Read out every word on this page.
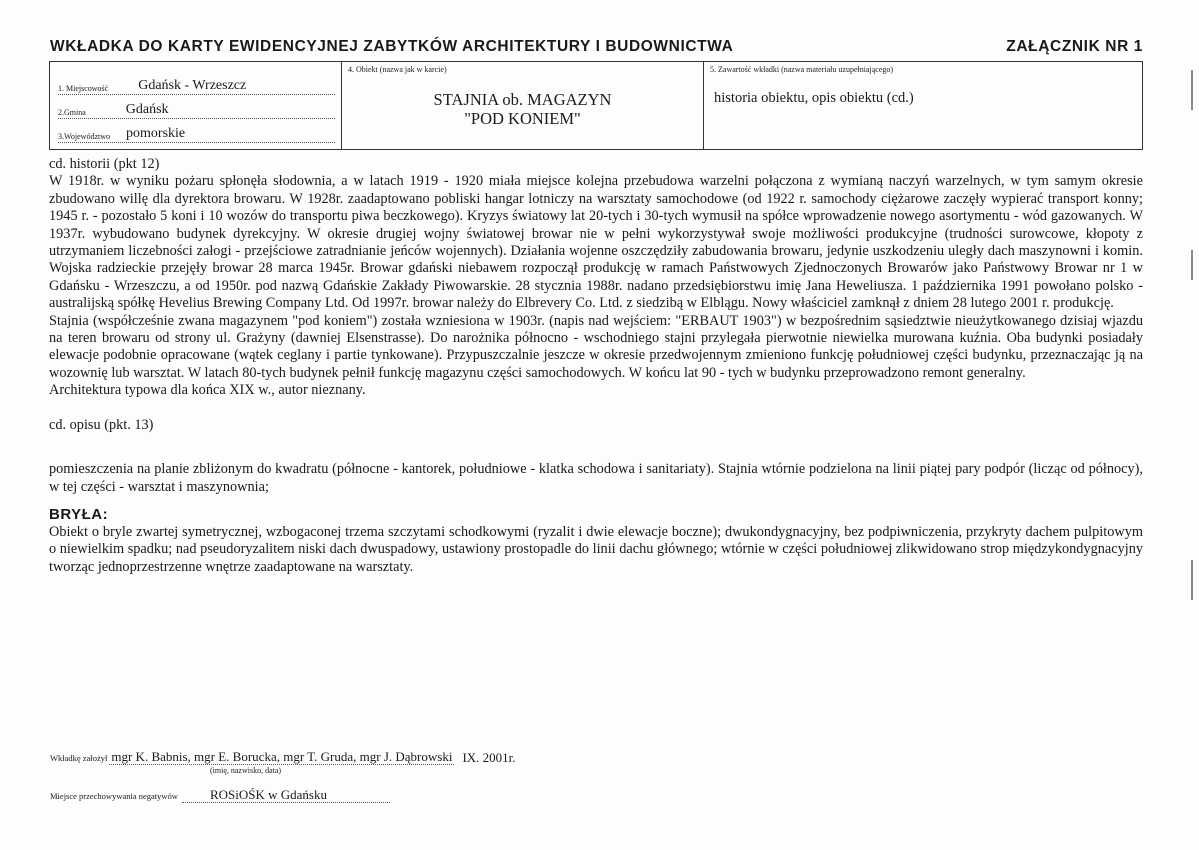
WKŁADKA DO KARTY EWIDENCYJNEJ ZABYTKÓW ARCHITEKTURY I BUDOWNICTWA	ZAŁĄCZNIK NR 1
1. Miejscowość Gdańsk - Wrzeszcz
2.Gmina	Gdańsk
3.Województwo pomorskie
4. Obiekt (nazwa jak w karcie)
STAJNIA ob. MAGAZYN
"POD KONIEM"
5. Zawartość wkładki (nazwa materiału uzupełniającego)
historia obiektu, opis obiektu (cd.)

cd. historii (pkt 12)

W 1918r. w wyniku pożaru spłonęła słodownia, a w latach 1919 - 1920 miała miejsce kolejna przebudowa warzelni połączona z wymianą naczyń warzelnych, w tym samym okresie zbudowano willę dla dyrektora browaru. W 1928r. zaadaptowano pobliski hangar lotniczy na warsztaty samochodowe (od 1922 r. samochody ciężarowe zaczęły wypierać transport konny; 1945 r. - pozostało 5 koni i 10 wozów do transportu piwa beczkowego). Kryzys światowy lat 20-tych i 30-tych wymusił na spółce wprowadzenie nowego asortymentu - wód gazowanych. W 1937r. wybudowano budynek dyrekcyjny. W okresie drugiej wojny światowej browar nie w pełni wykorzystywał swoje możliwości produkcyjne (trudności surowcowe, kłopoty z utrzymaniem liczebności załogi - przejściowe zatradnianie jeńców wojennych). Działania wojenne oszczędziły zabudowania browaru, jedynie uszkodzeniu uległy dach maszynowni i komin. Wojska radzieckie przejęły browar 28 marca 1945r. Browar gdański niebawem rozpoczął produkcję w ramach Państwowych Zjednoczonych Browarów jako Państwowy Browar nr 1 w Gdańsku - Wrzeszczu, a od 1950r. pod nazwą Gdańskie Zakłady Piwowarskie. 28 stycznia 1988r. nadano przedsiębiorstwu imię Jana Heweliusza. 1 października 1991 powołano polsko - australijską spółkę Hevelius Brewing Company Ltd. Od 1997r. browar należy do Elbrevery Co. Ltd. z siedzibą w Elblągu. Nowy właściciel zamknął z dniem 28 lutego 2001 r. produkcję.

Stajnia (współcześnie zwana magazynem "pod koniem") została wzniesiona w 1903r. (napis nad wejściem: "ERBAUT 1903") w bezpośrednim sąsiedztwie nieużytkowanego dzisiaj wjazdu na teren browaru od strony ul. Grażyny (dawniej Elsenstrasse). Do narożnika północno - wschodniego stajni przylegała pierwotnie niewielka murowana kuźnia. Oba budynki posiadały elewacje podobnie opracowane (wątek ceglany i partie tynkowane). Przypuszczalnie jeszcze w okresie przedwojennym zmieniono funkcję południowej części budynku, przeznaczając ją na wozownię lub warsztat. W latach 80-tych budynek pełnił funkcję magazynu części samochodowych. W końcu lat 90 - tych w budynku przeprowadzono remont generalny.

Architektura typowa dla końca XIX w., autor nieznany.

cd. opisu (pkt. 13)

pomieszczenia na planie zbliżonym do kwadratu (północne - kantorek, południowe - klatka schodowa i sanitariaty). Stajnia wtórnie podzielona na linii piątej pary podpór (licząc od północy), w tej części - warsztat i maszynownia;

BRYŁA:

Obiekt o bryle zwartej symetrycznej, wzbogaconej trzema szczytami schodkowymi (ryzalit i dwie elewacje boczne); dwukondygnacyjny, bez podpiwniczenia, przykryty dachem pulpitowym o niewielkim spadku; nad pseudoryzalitem niski dach dwuspadowy, ustawiony prostopadle do linii dachu głównego; wtórnie w części południowej zlikwidowano strop międzykondygnacyjny tworząc jednoprzestrzenne wnętrze zaadaptowane na warsztaty.

Wkładkę założył mgr K. Babnis, mgr E. Borucka, mgr T. Gruda, mgr J. Dąbrowski IX. 2001r.
(imię, nazwisko, data)
Miejsce przechowywania negatywów	ROSiOŚK w Gdańsku
